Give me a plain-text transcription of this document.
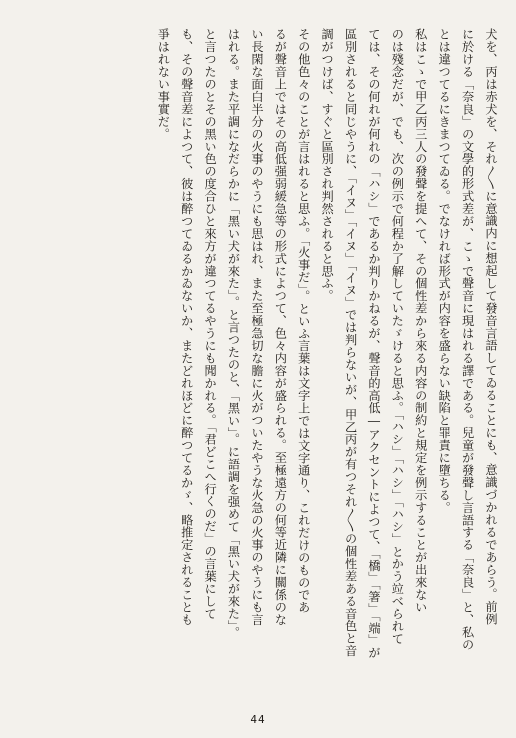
犬を、丙は赤犬を、それ〳〵に意識内に想起して發音言語してゐることにも、意識づかれるであらう。前例
に於ける「奈良」の文學的形式差が、こゝで聲音に現はれる譯である。兒童が發聲し言語する「奈良」と、私の
とは違つてるにきまつてゐる。でなければ形式が内容を盛らない缺陷と罪責に墮ちる。
私はこゝで甲乙丙三人の發聲を提へて、その個性差から來る内容の制約と規定を例示することが出來ない
のは殘念だが、でも、次の例示で何程か了解していたゞけると思ふ。「ハシ」「ハシ」「ハシ」とかう竝べられて
ては、その何れが何れの「ハシ」であるか判りかねるが、聲音的高低―アクセントによつて、「橋」「箸」「端」が
區別されると同じやうに、「イヌ」「イヌ」「イヌ」では判らないが、甲乙丙が有つそれ〳〵の個性差ある音色と音
調がつけば、すぐと區別され判然されると思ふ。
その他色々のことが言はれると思ふ。「火事だ」。といふ言葉は文字上では文字通り、これだけのものであ
るが聲音上ではその高低强弱緩急等の形式によつて、色々内容が盛られる。至極遠方の何等近隣に關係のな
い長閑な面白半分の火事のやうにも思はれ、また至極急切な膽に火がついたやうな火急の火事のやうにも言
はれる。また平調になだらかに「黑い犬が來た」。と言つたのと、「黑い」。に語調を强めて「黑い犬が來た」。
と言つたのとその黑い色の度合ひと來方が違つてるやうにも聞かれる。「君どこへ行くのだ」の言葉にして
も、その聲音差によつて、彼は醉つてゐるかゐないか、またどれほどに醉つてるかゞ、略推定されることも
爭はれない事實だ。
44
